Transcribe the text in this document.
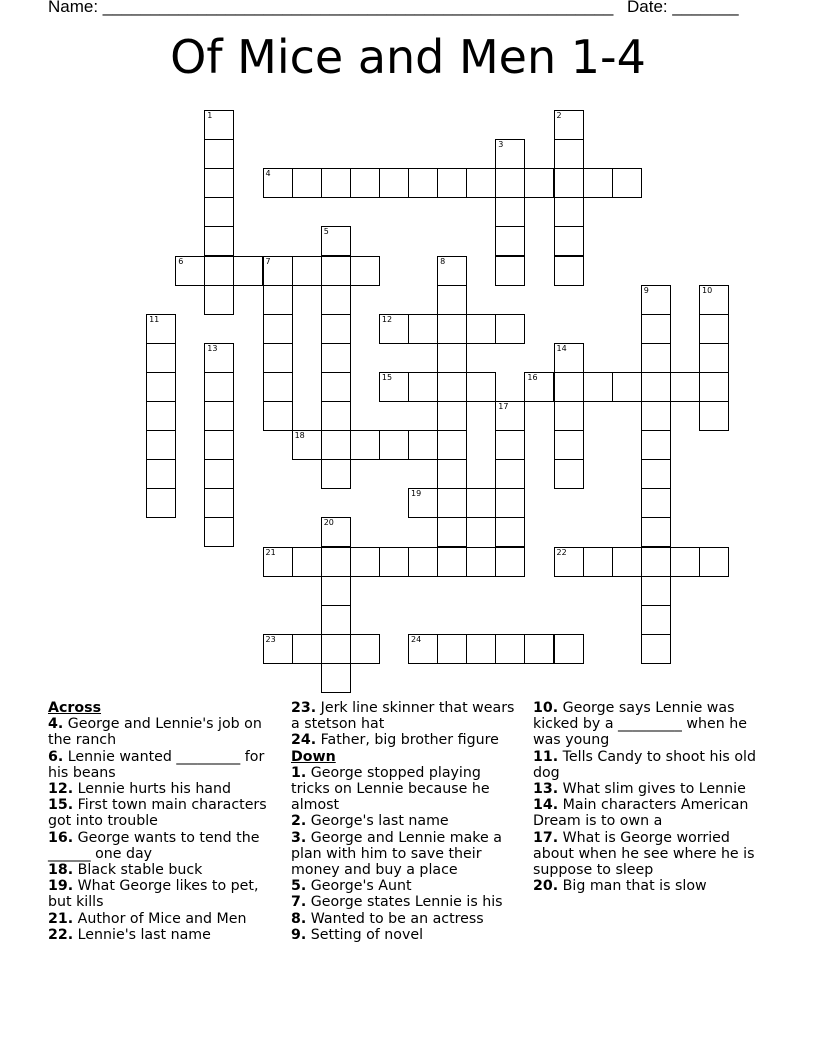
Name: ______________________________________________________ Date: _______
Of Mice and Men 1-4
1	2
3
4
5
6	7	8
9	10
11	12
13	14
15	16
17
18
19
20
21	22
23	24
Across
4. George and Lennie's job on the ranch
6. Lennie wanted _________ for his beans
12. Lennie hurts his hand
15. First town main characters got into trouble
16. George wants to tend the ______ one day
18. Black stable buck
19. What George likes to pet, but kills
21. Author of Mice and Men
22. Lennie's last name
23. Jerk line skinner that wears a stetson hat
24. Father, big brother figure
Down
1. George stopped playing tricks on Lennie because he almost
2. George's last name
3. George and Lennie make a plan with him to save their money and buy a place
5. George's Aunt
7. George states Lennie is his
8. Wanted to be an actress
9. Setting of novel
10. George says Lennie was kicked by a _________ when he was young
11. Tells Candy to shoot his old dog
13. What slim gives to Lennie
14. Main characters American Dream is to own a
17. What is George worried about when he see where he is suppose to sleep
20. Big man that is slow
